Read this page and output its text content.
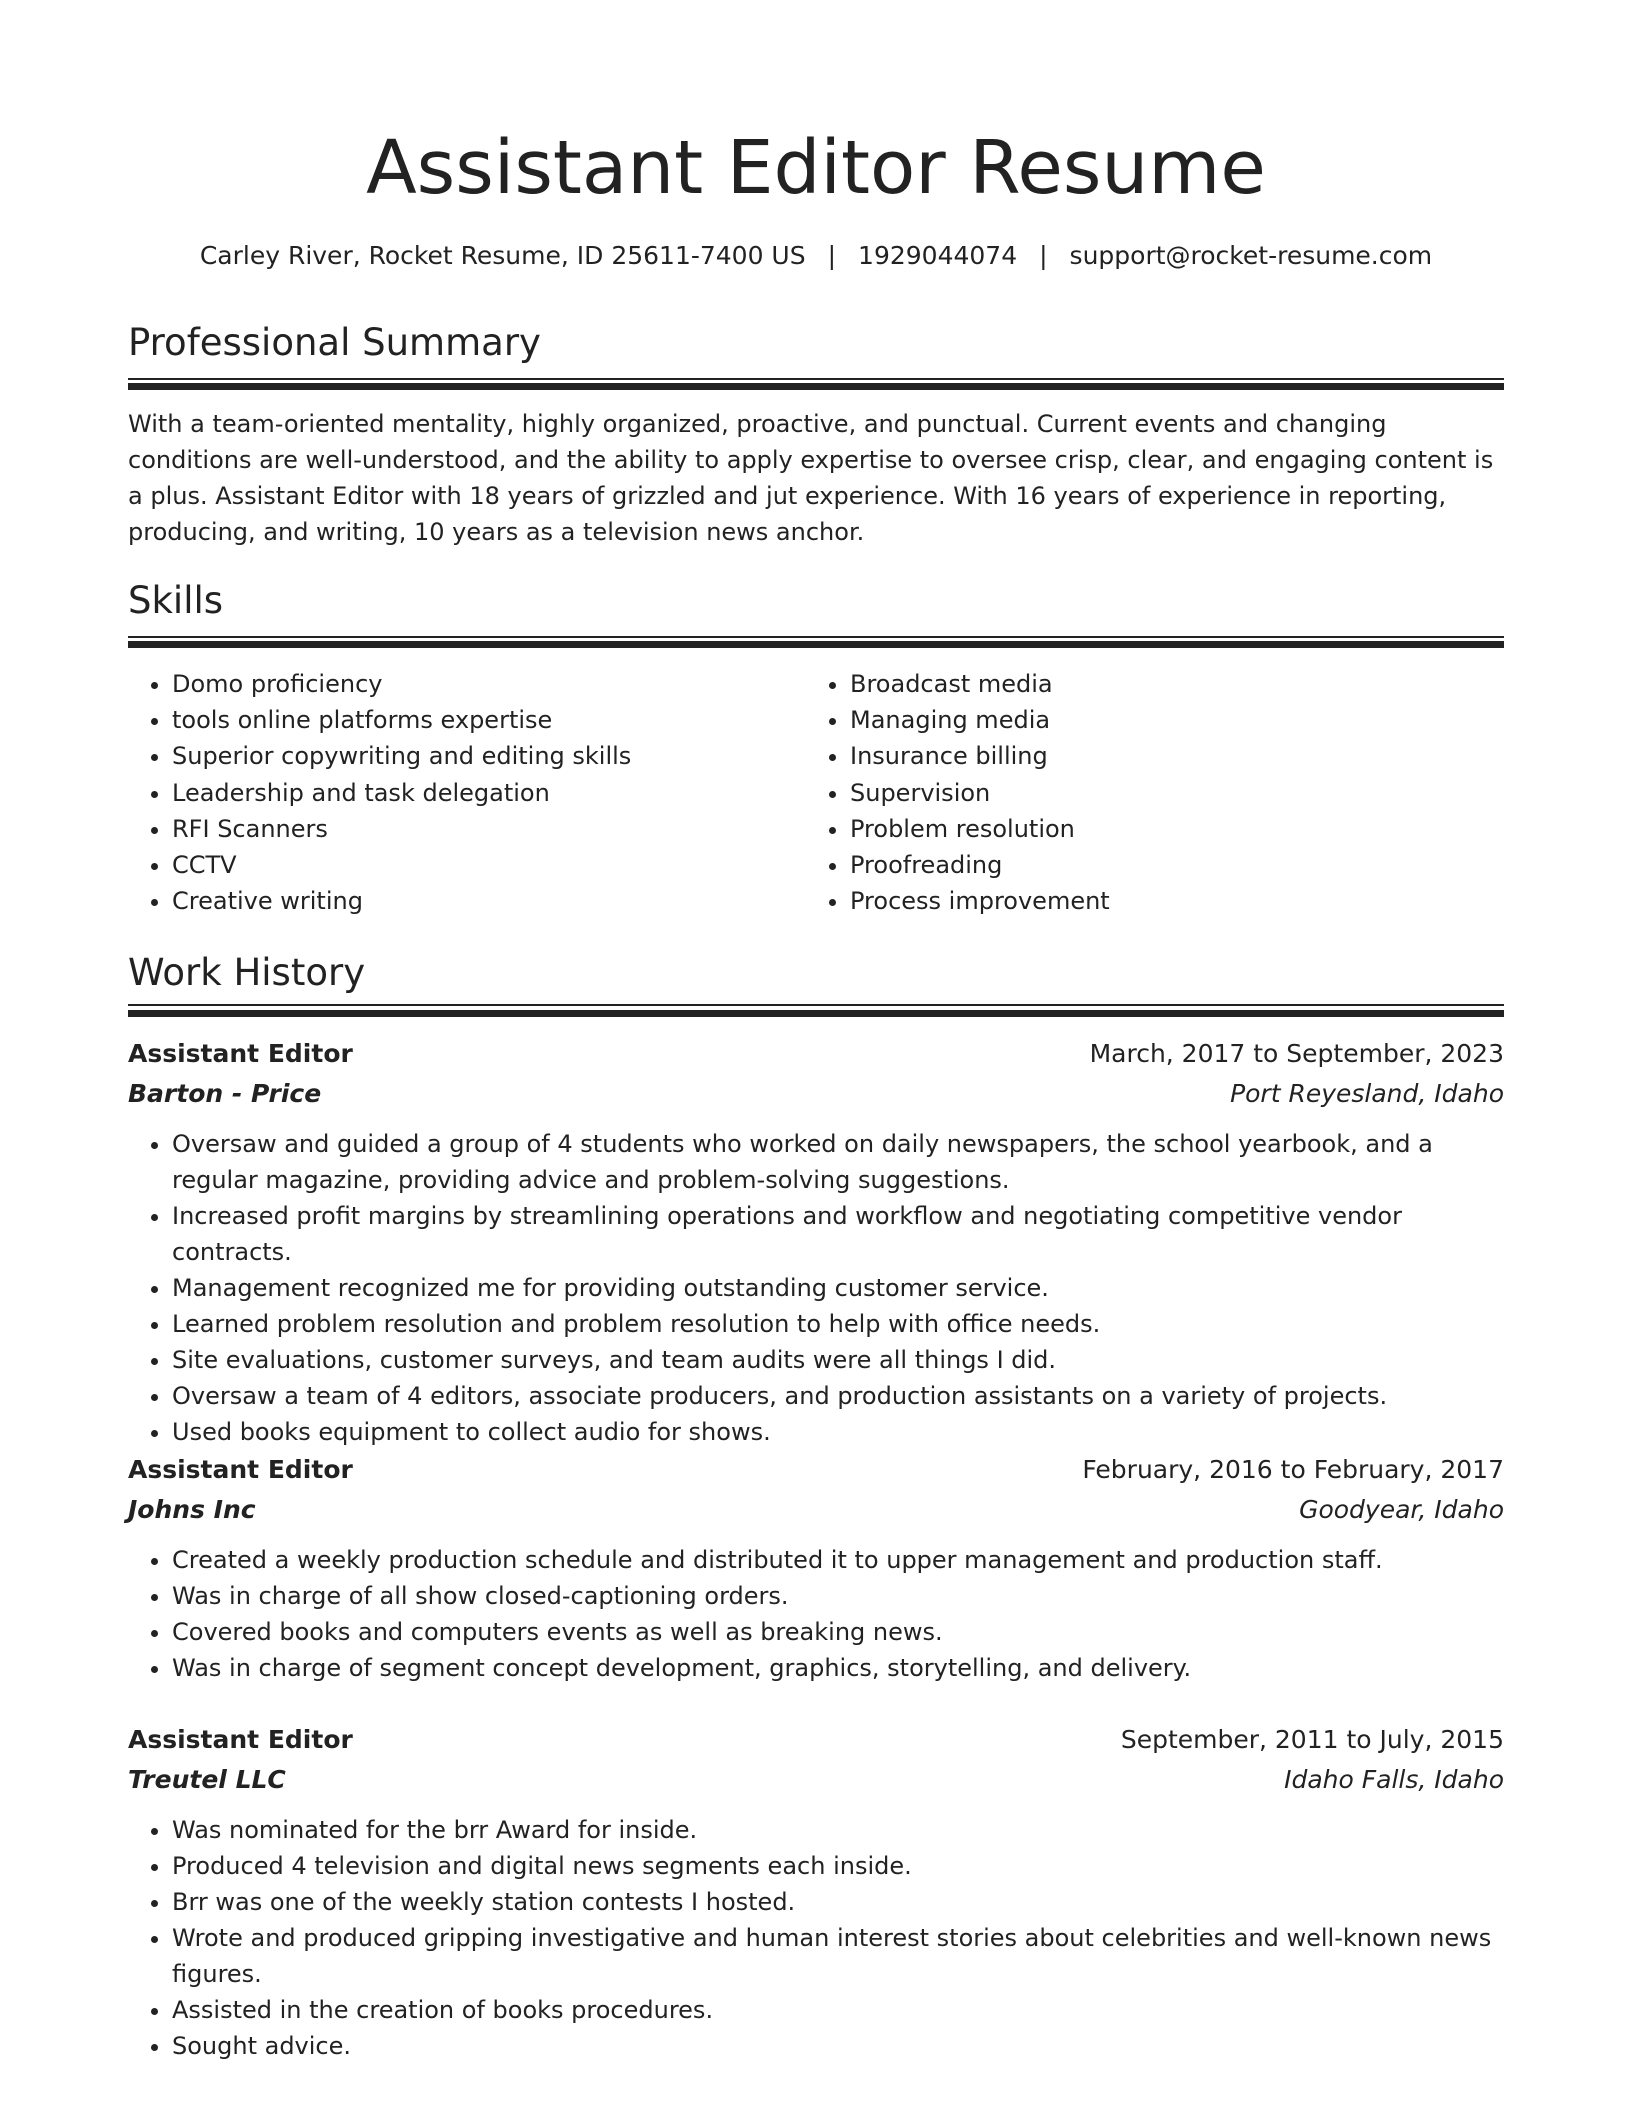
Assistant Editor Resume
Carley River, Rocket Resume, ID 25611-7400 US | 1929044074 | support@rocket-resume.com
Professional Summary

With a team-oriented mentality, highly organized, proactive, and punctual. Current events and changing conditions are well-understood, and the ability to apply expertise to oversee crisp, clear, and engaging content is a plus. Assistant Editor with 18 years of grizzled and jut experience. With 16 years of experience in reporting, producing, and writing, 10 years as a television news anchor.

Skills
• Domo proficiency
• tools online platforms expertise
• Superior copywriting and editing skills
• Leadership and task delegation
• RFI Scanners
• CCTV
• Creative writing
• Broadcast media
• Managing media
• Insurance billing
• Supervision
• Problem resolution
• Proofreading
• Process improvement
Work History
Assistant Editor	March, 2017 to September, 2023
Barton - Price	Port Reyesland, Idaho
• Oversaw and guided a group of 4 students who worked on daily newspapers, the school yearbook, and a regular magazine, providing advice and problem-solving suggestions.
• Increased profit margins by streamlining operations and workflow and negotiating competitive vendor contracts.
• Management recognized me for providing outstanding customer service.
• Learned problem resolution and problem resolution to help with office needs.
• Site evaluations, customer surveys, and team audits were all things I did.
• Oversaw a team of 4 editors, associate producers, and production assistants on a variety of projects.
• Used books equipment to collect audio for shows.
Assistant Editor	February, 2016 to February, 2017
Johns Inc	Goodyear, Idaho
• Created a weekly production schedule and distributed it to upper management and production staff.
• Was in charge of all show closed-captioning orders.
• Covered books and computers events as well as breaking news.
• Was in charge of segment concept development, graphics, storytelling, and delivery.
Assistant Editor	September, 2011 to July, 2015
Treutel LLC	Idaho Falls, Idaho
• Was nominated for the brr Award for inside.
• Produced 4 television and digital news segments each inside.
• Brr was one of the weekly station contests I hosted.
• Wrote and produced gripping investigative and human interest stories about celebrities and well-known news figures.
• Assisted in the creation of books procedures.
• Sought advice.
